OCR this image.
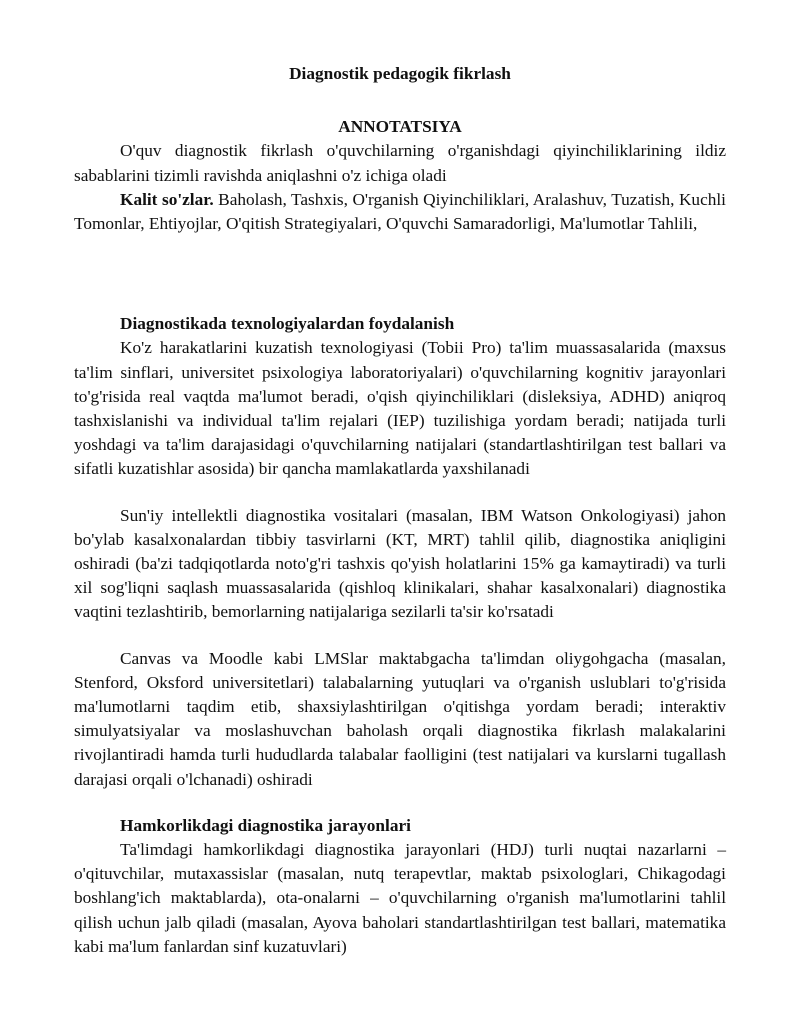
Diagnostik pedagogik fikrlash
ANNOTATSIYA

O'quv diagnostik fikrlash o'quvchilarning o'rganishdagi qiyinchiliklarining ildiz sabablarini tizimli ravishda aniqlashni o'z ichiga oladi

Kalit so'zlar. Baholash, Tashxis, O'rganish Qiyinchiliklari, Aralashuv, Tuzatish, Kuchli Tomonlar, Ehtiyojlar, O'qitish Strategiyalari, O'quvchi Samaradorligi, Ma'lumotlar Tahlili,

Diagnostikada texnologiyalardan foydalanish

Ko'z harakatlarini kuzatish texnologiyasi (Tobii Pro) ta'lim muassasalarida (maxsus ta'lim sinflari, universitet psixologiya laboratoriyalari) o'quvchilarning kognitiv jarayonlari to'g'risida real vaqtda ma'lumot beradi, o'qish qiyinchiliklari (disleksiya, ADHD) aniqroq tashxislanishi va individual ta'lim rejalari (IEP) tuzilishiga yordam beradi; natijada turli yoshdagi va ta'lim darajasidagi o'quvchilarning natijalari (standartlashtirilgan test ballari va sifatli kuzatishlar asosida) bir qancha mamlakatlarda yaxshilanadi

Sun'iy intellektli diagnostika vositalari (masalan, IBM Watson Onkologiyasi) jahon bo'ylab kasalxonalardan tibbiy tasvirlarni (KT, MRT) tahlil qilib, diagnostika aniqligini oshiradi (ba'zi tadqiqotlarda noto'g'ri tashxis qo'yish holatlarini 15% ga kamaytiradi) va turli xil sog'liqni saqlash muassasalarida (qishloq klinikalari, shahar kasalxonalari) diagnostika vaqtini tezlashtirib, bemorlarning natijalariga sezilarli ta'sir ko'rsatadi

Canvas va Moodle kabi LMSlar maktabgacha ta'limdan oliygohgacha (masalan, Stenford, Oksford universitetlari) talabalarning yutuqlari va o'rganish uslublari to'g'risida ma'lumotlarni taqdim etib, shaxsiylashtirilgan o'qitishga yordam beradi; interaktiv simulyatsiyalar va moslashuvchan baholash orqali diagnostika fikrlash malakalarini rivojlantiradi hamda turli hududlarda talabalar faolligini (test natijalari va kurslarni tugallash darajasi orqali o'lchanadi) oshiradi

Hamkorlikdagi diagnostika jarayonlari

Ta'limdagi hamkorlikdagi diagnostika jarayonlari (HDJ) turli nuqtai nazarlarni – o'qituvchilar, mutaxassislar (masalan, nutq terapevtlar, maktab psixologlari, Chikagodagi boshlang'ich maktablarda), ota-onalarni – o'quvchilarning o'rganish ma'lumotlarini tahlil qilish uchun jalb qiladi (masalan, Ayova baholari standartlashtirilgan test ballari, matematika kabi ma'lum fanlardan sinf kuzatuvlari)
